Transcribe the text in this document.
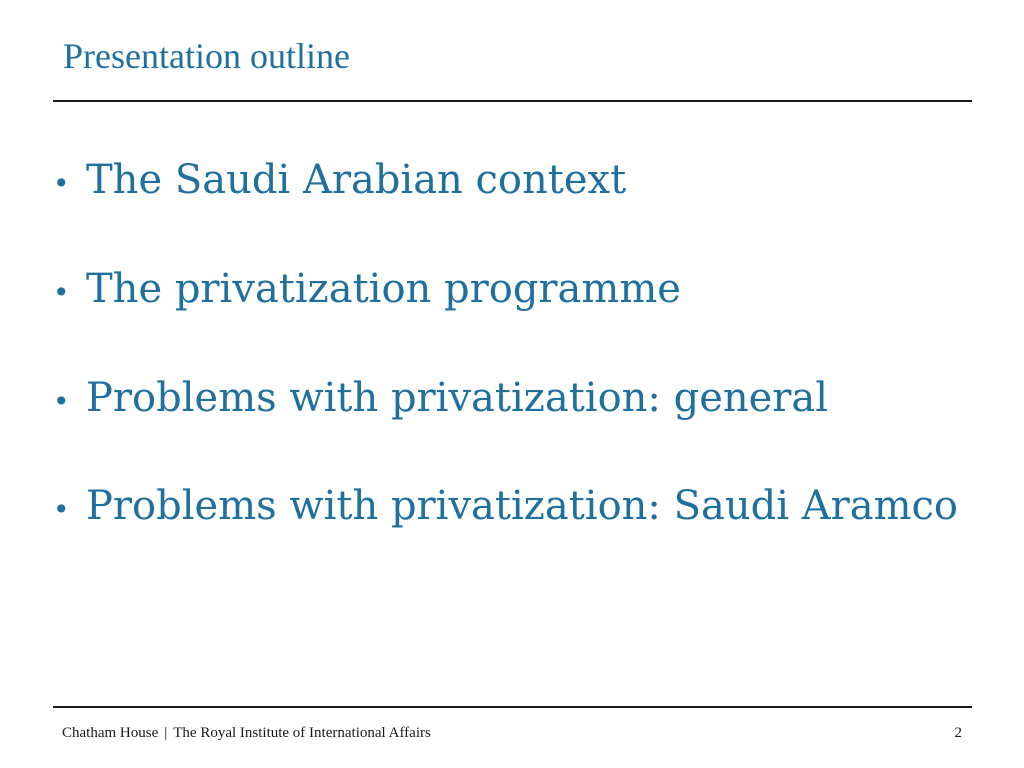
Presentation outline
• The Saudi Arabian context
• The privatization programme
• Problems with privatization: general
• Problems with privatization: Saudi Aramco
Chatham House | The Royal Institute of International Affairs	2
